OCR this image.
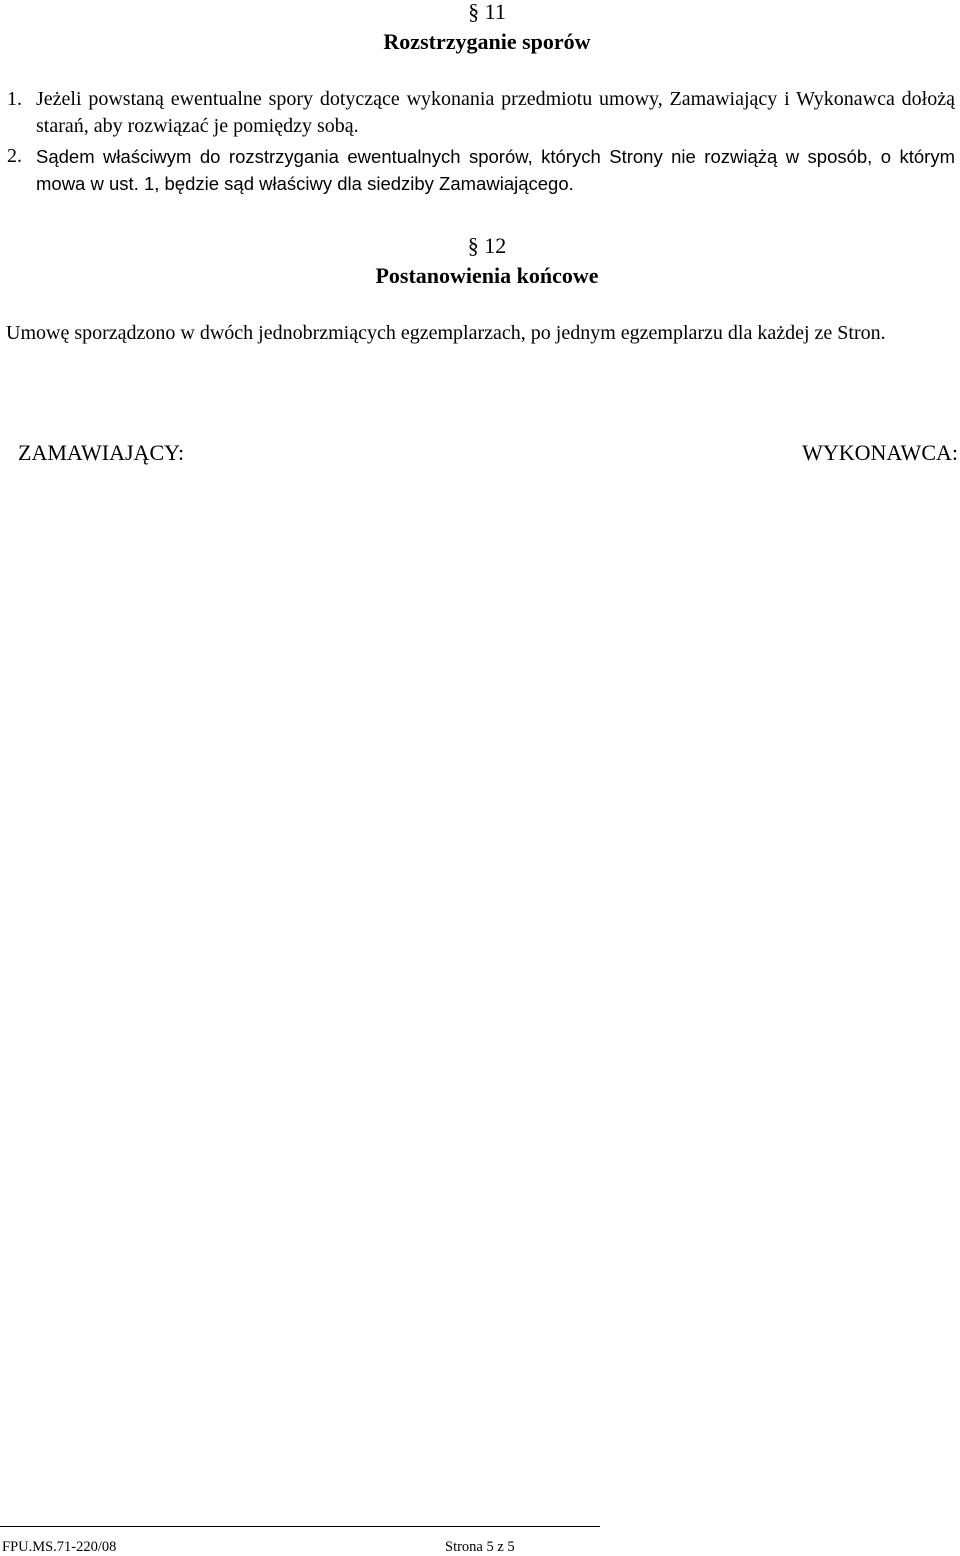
§ 11
Rozstrzyganie sporów
1. Jeżeli powstaną ewentualne spory dotyczące wykonania przedmiotu umowy, Zamawiający i Wykonawca dołożą starań, aby rozwiązać je pomiędzy sobą.
2. Sądem właściwym do rozstrzygania ewentualnych sporów, których Strony nie rozwiążą w sposób, o którym mowa w ust. 1, będzie sąd właściwy dla siedziby Zamawiającego.
§ 12
Postanowienia końcowe
Umowę sporządzono w dwóch jednobrzmiących egzemplarzach, po jednym egzemplarzu dla każdej ze Stron.
ZAMAWIAJĄCY:	WYKONAWCA:
FPU.MS.71-220/08	Strona 5 z 5
